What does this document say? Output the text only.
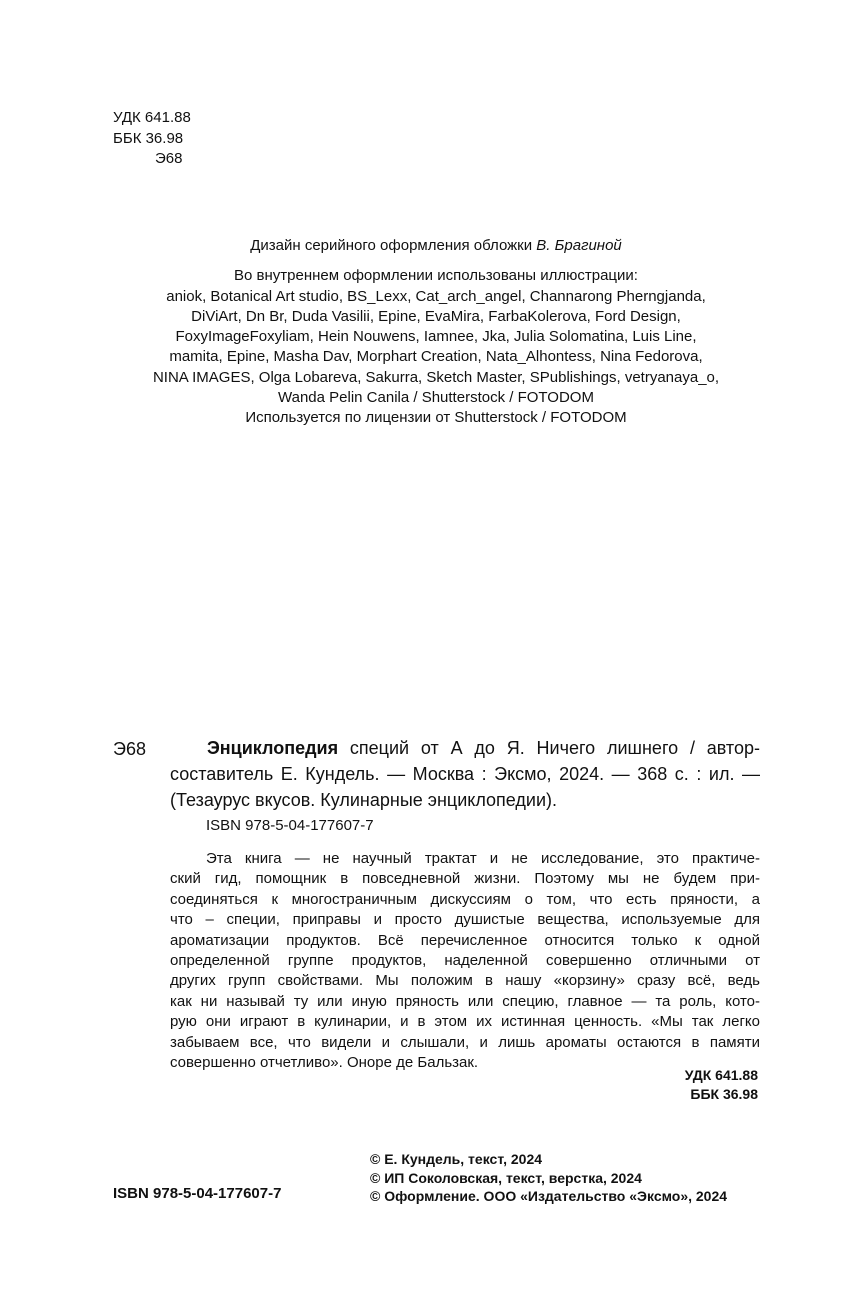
УДК 641.88
ББК 36.98
Э68
Дизайн серийного оформления обложки В. Брагиной
Во внутреннем оформлении использованы иллюстрации:
aniok, Botanical Art studio, BS_Lexx, Cat_arch_angel, Channarong Pherngjanda,
DiViArt, Dn Br, Duda Vasilii, Epine, EvaMira, FarbaKolerova, Ford Design,
FoxyImageFoxyliam, Hein Nouwens, Iamnee, Jka, Julia Solomatina, Luis Line,
mamita, Epine, Masha Dav, Morphart Creation, Nata_Alhontess, Nina Fedorova,
NINA IMAGES, Olga Lobareva, Sakurra, Sketch Master, SPublishings, vetryanaya_o,
Wanda Pelin Canila / Shutterstock / FOTODOM
Используется по лицензии от Shutterstock / FOTODOM
Э68	Энциклопедия специй от А до Я. Ничего лишнего / автор-составитель Е. Кундель. — Москва : Эксмо, 2024. — 368 с. : ил. — (Тезаурус вкусов. Кулинарные энциклопедии).
ISBN 978-5-04-177607-7
Эта книга — не научный трактат и не исследование, это практиче-
ский гид, помощник в повседневной жизни. Поэтому мы не будем при-
соединяться к многостраничным дискуссиям о том, что есть пряности, а
что – специи, приправы и просто душистые вещества, используемые для
ароматизации продуктов. Всё перечисленное относится только к одной
определенной группе продуктов, наделенной совершенно отличными от
других групп свойствами. Мы положим в нашу «корзину» сразу всё, ведь
как ни называй ту или иную пряность или специю, главное — та роль, кото-
рую они играют в кулинарии, и в этом их истинная ценность. «Мы так легко
забываем все, что видели и слышали, и лишь ароматы остаются в памяти
совершенно отчетливо». Оноре де Бальзак.
УДК 641.88
ББК 36.98
ISBN 978-5-04-177607-7
© Е. Кундель, текст, 2024
© ИП Соколовская, текст, верстка, 2024
© Оформление. ООО «Издательство «Эксмо», 2024
